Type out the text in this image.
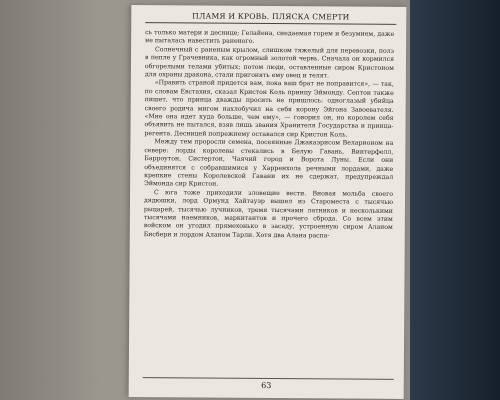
ПЛАМЯ И КРОВЬ. ПЛЯСКА СМЕРТИ

сь только матери и деснице; Гелайена, снедаемая горем и безумием, даже не пыталась навестить раненого.

Солнечный с раненым крылом, слишком тяжелый для перевозки, полз в пепле у Грачевника, как огромный золотой червь. Сначала он кормился обгорелыми телами убитых; потом люди, оставленные сиром Кристоном для охраны дракона, стали пригонять ему овец и телят.

«Править страной придется вам, пока ваш брат не поправится», — так, по словам Евстахия, сказал Кристон Коль принцу Эймонду. Септон также пишет, что принца дважды просить не пришлось: одноглазый убийца своего родича мигом нахлобучил на себя корону Эйгона Завоевателя. «Мне она идет куда больше, чем ему», — говорил он, но королем себя объявить не пытался, взяв лишь звания Хранителя Государства и принца-регента. Десницей попрежнему оставался сир Кристон Коль.

Между тем проросли семена, посеянные Джакаэрисом Веларионом на севере: лорды королевы стекались в Белую Гавань, Винтерфелл, Барроутон, Систертон, Чаячий город и Ворота Луны. Если они объединятся с собравшимися у Харренхола речными лордами, даже крепкие стены Королевской Гавани их не сдержат, предупреждал Эймонда сир Кристон.

С юга тоже приходили зловещие вести. Вновая мольба своего дядюшки, лорд Ормунд Хайтауэр вышел из Староместа с тысячью рыцарей, тысячью лучников, тремя тысячами латников и несколькими тысячами наемников, маркитантов и прочего сброда. Со всем этим войском он угодил прямехонько в засаду, устроенную сиром Аланом Бисбери и лордом Аланом Тарли. Хотя два Алана распа-

63
